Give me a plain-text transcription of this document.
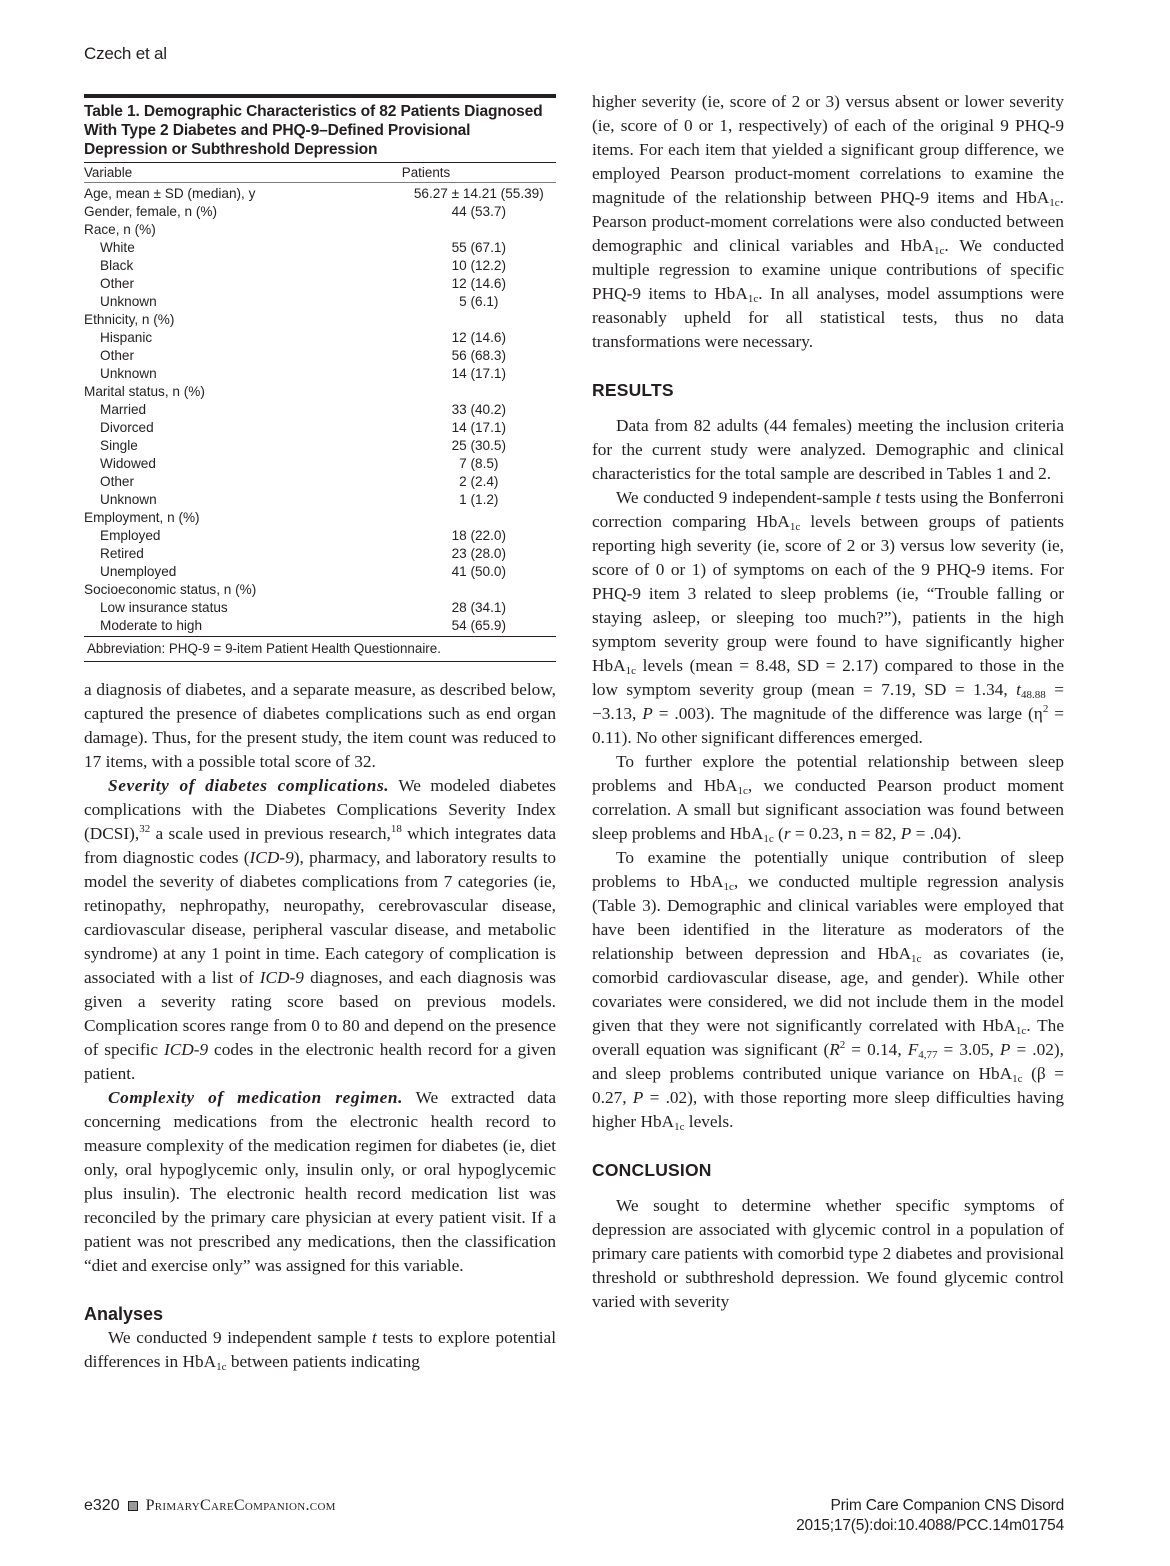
Czech et al
Table 1. Demographic Characteristics of 82 Patients Diagnosed With Type 2 Diabetes and PHQ-9–Defined Provisional Depression or Subthreshold Depression
Variable	Patients
Age, mean ± SD (median), y	56.27 ± 14.21 (55.39)
Gender, female, n (%)	44 (53.7)
Race, n (%)	
White	55 (67.1)
Black	10 (12.2)
Other	12 (14.6)
Unknown	5 (6.1)
Ethnicity, n (%)	
Hispanic	12 (14.6)
Other	56 (68.3)
Unknown	14 (17.1)
Marital status, n (%)	
Married	33 (40.2)
Divorced	14 (17.1)
Single	25 (30.5)
Widowed	7 (8.5)
Other	2 (2.4)
Unknown	1 (1.2)
Employment, n (%)	
Employed	18 (22.0)
Retired	23 (28.0)
Unemployed	41 (50.0)
Socioeconomic status, n (%)	
Low insurance status	28 (34.1)
Moderate to high	54 (65.9)
Abbreviation: PHQ-9 = 9-item Patient Health Questionnaire.

a diagnosis of diabetes, and a separate measure, as described below, captured the presence of diabetes complications such as end organ damage). Thus, for the present study, the item count was reduced to 17 items, with a possible total score of 32.

Severity of diabetes complications. We modeled diabetes complications with the Diabetes Complications Severity Index (DCSI),$^{32}$ a scale used in previous research,$^{18}$ which integrates data from diagnostic codes (ICD-9), pharmacy, and laboratory results to model the severity of diabetes complications from 7 categories (ie, retinopathy, nephropathy, neuropathy, cerebrovascular disease, cardiovascular disease, peripheral vascular disease, and metabolic syndrome) at any 1 point in time. Each category of complication is associated with a list of ICD-9 diagnoses, and each diagnosis was given a severity rating score based on previous models. Complication scores range from 0 to 80 and depend on the presence of specific ICD-9 codes in the electronic health record for a given patient.

Complexity of medication regimen. We extracted data concerning medications from the electronic health record to measure complexity of the medication regimen for diabetes (ie, diet only, oral hypoglycemic only, insulin only, or oral hypoglycemic plus insulin). The electronic health record medication list was reconciled by the primary care physician at every patient visit. If a patient was not prescribed any medications, then the classification “diet and exercise only” was assigned for this variable.

Analyses

We conducted 9 independent sample t tests to explore potential differences in HbA$_{1c}$ between patients indicating

higher severity (ie, score of 2 or 3) versus absent or lower severity (ie, score of 0 or 1, respectively) of each of the original 9 PHQ-9 items. For each item that yielded a significant group difference, we employed Pearson product-moment correlations to examine the magnitude of the relationship between PHQ-9 items and HbA$_{1c}$. Pearson product-moment correlations were also conducted between demographic and clinical variables and HbA$_{1c}$. We conducted multiple regression to examine unique contributions of specific PHQ-9 items to HbA$_{1c}$. In all analyses, model assumptions were reasonably upheld for all statistical tests, thus no data transformations were necessary.

RESULTS

Data from 82 adults (44 females) meeting the inclusion criteria for the current study were analyzed. Demographic and clinical characteristics for the total sample are described in Tables 1 and 2.

We conducted 9 independent-sample t tests using the Bonferroni correction comparing HbA$_{1c}$ levels between groups of patients reporting high severity (ie, score of 2 or 3) versus low severity (ie, score of 0 or 1) of symptoms on each of the 9 PHQ-9 items. For PHQ-9 item 3 related to sleep problems (ie, “Trouble falling or staying asleep, or sleeping too much?”), patients in the high symptom severity group were found to have significantly higher HbA$_{1c}$ levels (mean = 8.48, SD = 2.17) compared to those in the low symptom severity group (mean = 7.19, SD = 1.34, $t_{48.88} = -3.13$, P = .003). The magnitude of the difference was large $(\eta^2 = 0.11)$. No other significant differences emerged.

To further explore the potential relationship between sleep problems and HbA$_{1c}$, we conducted Pearson product moment correlation. A small but significant association was found between sleep problems and HbA$_{1c}$ (r = 0.23, n = 82, P = .04).

To examine the potentially unique contribution of sleep problems to HbA$_{1c}$, we conducted multiple regression analysis (Table 3). Demographic and clinical variables were employed that have been identified in the literature as moderators of the relationship between depression and HbA$_{1c}$ as covariates (ie, comorbid cardiovascular disease, age, and gender). While other covariates were considered, we did not include them in the model given that they were not significantly correlated with HbA$_{1c}$. The overall equation was significant ($R^2 = 0.14$, $F_{4,77} = 3.05$, P = .02), and sleep problems contributed unique variance on HbA$_{1c}$ (β = 0.27, P = .02), with those reporting more sleep difficulties having higher HbA$_{1c}$ levels.

CONCLUSION

We sought to determine whether specific symptoms of depression are associated with glycemic control in a population of primary care patients with comorbid type 2 diabetes and provisional threshold or subthreshold depression. We found glycemic control varied with severity

e320 PrimaryCareCompanion.com	Prim Care Companion CNS Disord
2015;17(5):doi:10.4088/PCC.14m01754
